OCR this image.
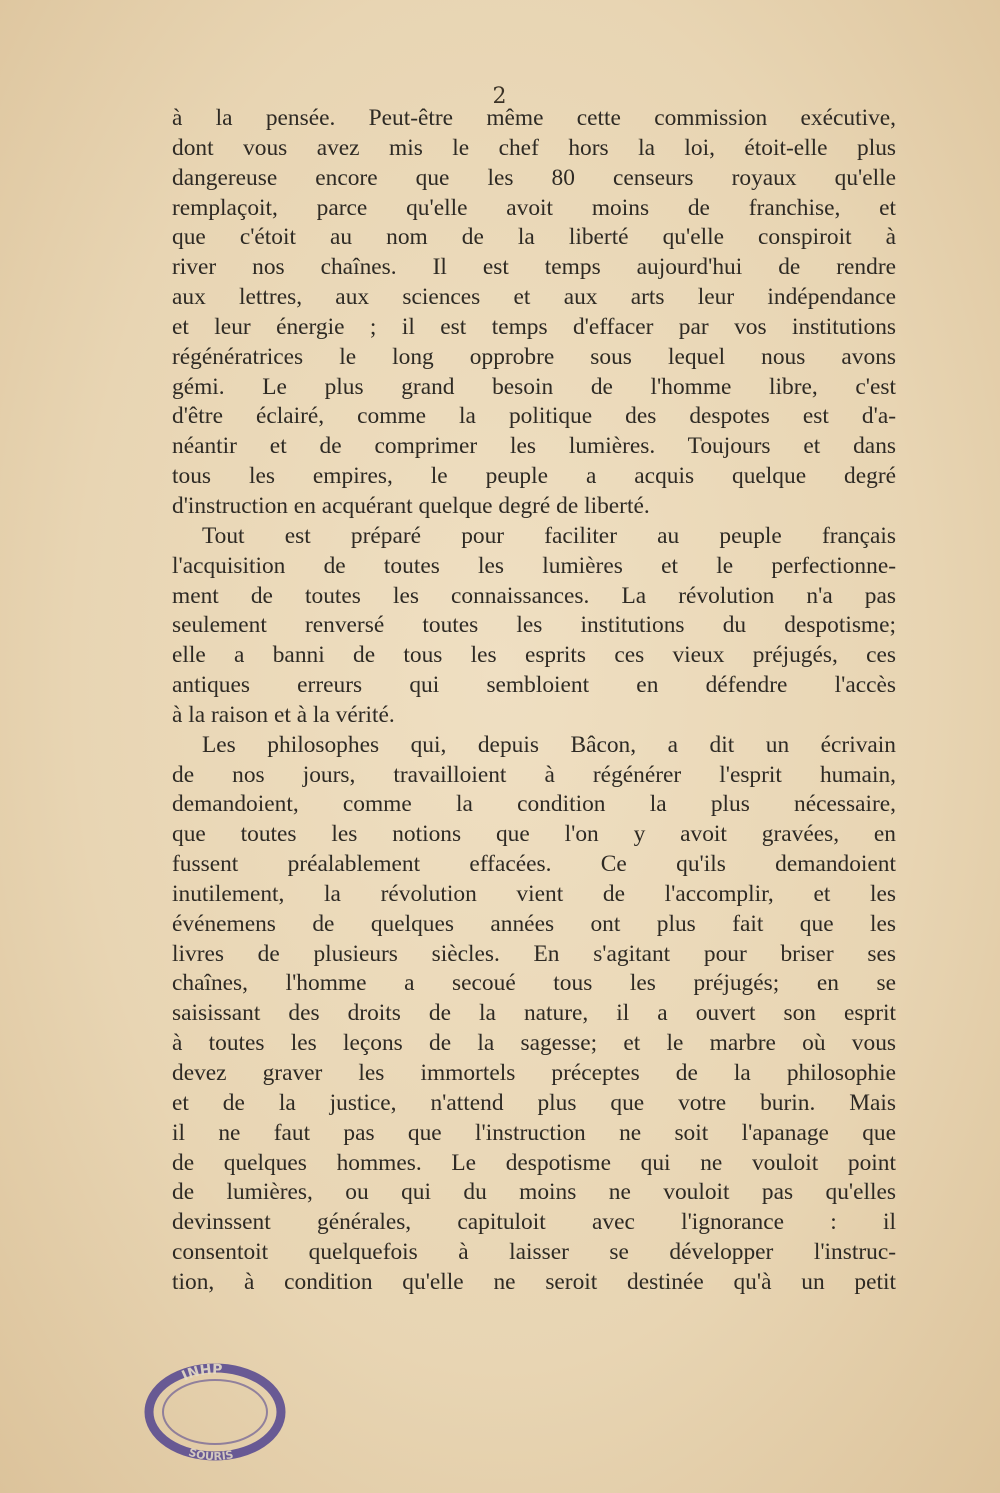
2
à la pensée. Peut-être même cette commission exécutive,
dont vous avez mis le chef hors la loi, étoit-elle plus
dangereuse encore que les 80 censeurs royaux qu'elle
remplaçoit, parce qu'elle avoit moins de franchise, et
que c'étoit au nom de la liberté qu'elle conspiroit à
river nos chaînes. Il est temps aujourd'hui de rendre
aux lettres, aux sciences et aux arts leur indépendance
et leur énergie ; il est temps d'effacer par vos institutions
régénératrices le long opprobre sous lequel nous avons
gémi. Le plus grand besoin de l'homme libre, c'est
d'être éclairé, comme la politique des despotes est d'a-
néantir et de comprimer les lumières. Toujours et dans
tous les empires, le peuple a acquis quelque degré
d'instruction en acquérant quelque degré de liberté.
Tout est préparé pour faciliter au peuple français
l'acquisition de toutes les lumières et le perfectionne-
ment de toutes les connaissances. La révolution n'a pas
seulement renversé toutes les institutions du despotisme;
elle a banni de tous les esprits ces vieux préjugés, ces
antiques erreurs qui sembloient en défendre l'accès
à la raison et à la vérité.
Les philosophes qui, depuis Bâcon, a dit un écrivain
de nos jours, travailloient à régénérer l'esprit humain,
demandoient, comme la condition la plus nécessaire,
que toutes les notions que l'on y avoit gravées, en
fussent préalablement effacées. Ce qu'ils demandoient
inutilement, la révolution vient de l'accomplir, et les
événemens de quelques années ont plus fait que les
livres de plusieurs siècles. En s'agitant pour briser ses
chaînes, l'homme a secoué tous les préjugés; en se
saisissant des droits de la nature, il a ouvert son esprit
à toutes les leçons de la sagesse; et le marbre où vous
devez graver les immortels préceptes de la philosophie
et de la justice, n'attend plus que votre burin. Mais
il ne faut pas que l'instruction ne soit l'apanage que
de quelques hommes. Le despotisme qui ne vouloit point
de lumières, ou qui du moins ne vouloit pas qu'elles
devinssent générales, capituloit avec l'ignorance : il
consentoit quelquefois à laisser se développer l'instruc-
tion, à condition qu'elle ne seroit destinée qu'à un petit
INHP
SOURIS
